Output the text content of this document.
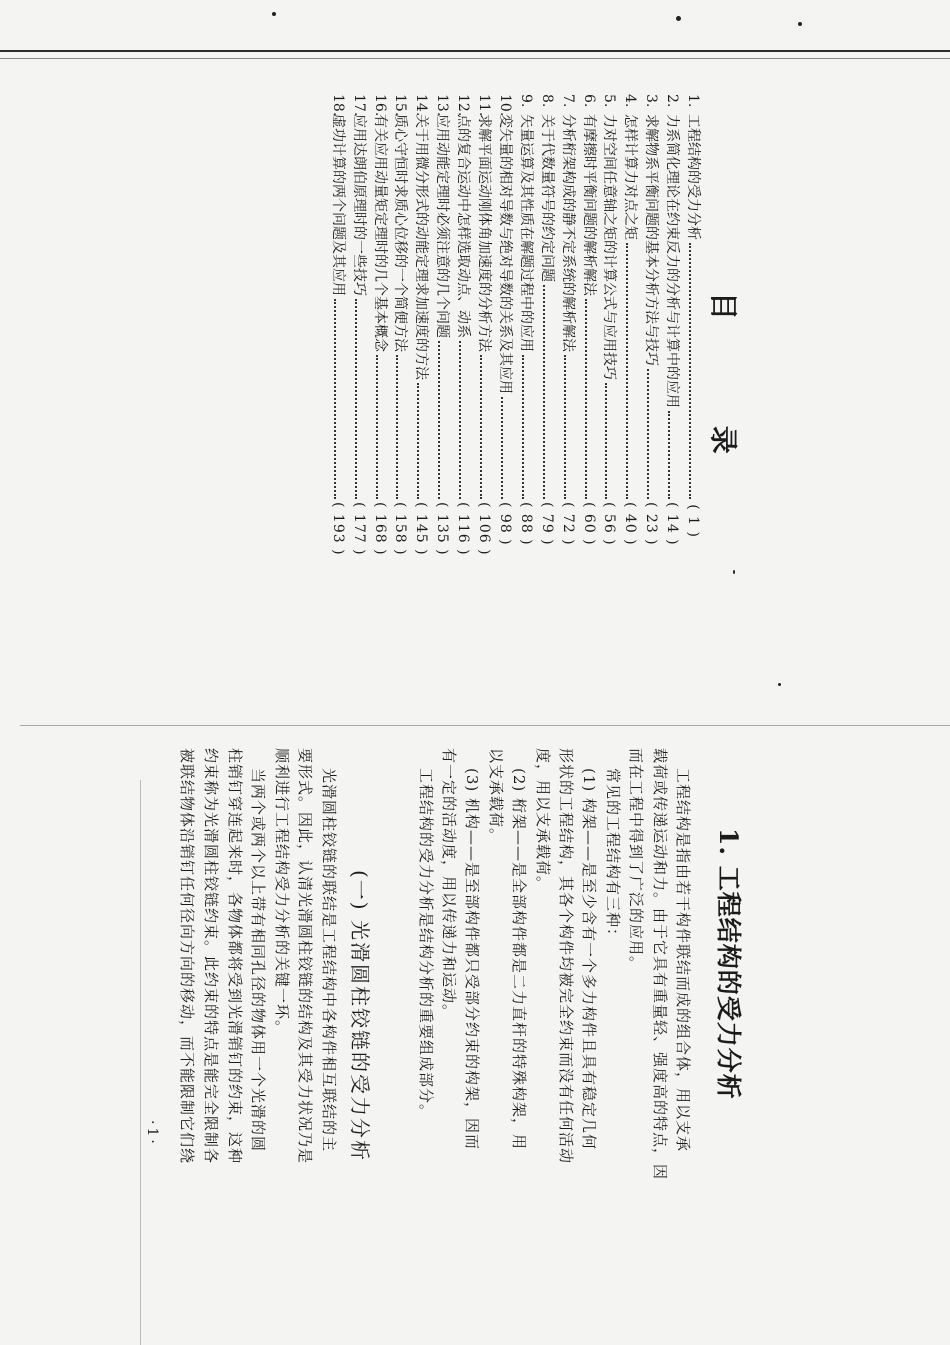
目 录
1.
工程结构的受力分析
( 1 )
2.
力系简化理论在约束反力的分析与计算中的应用
( 14 )
3.
求解物系平衡问题的基本分析方法与技巧
( 23 )
4.
怎样计算力对点之矩
( 40 )
5.
力对空间任意轴之矩的计算公式与应用技巧
( 56 )
6.
有摩擦时平衡问题的解析解法
( 60 )
7.
分析桁架构成的静不定系统的解析解法
( 72 )
8.
关于代数量符号的约定问题
( 79 )
9.
矢量运算及其性质在解题过程中的应用
( 88 )
10.
変矢量的相对导数与绝对导数的关系及其应用
( 98 )
11.
求解平面运动刚体角加速度的分析方法
( 106 )
12.
点的复合运动中怎样选取动点、动系
( 116 )
13.
应用动能定理时必须注意的几个问题
( 135 )
14.
关于用微分形式的动能定理求加速度的方法
( 145 )
15.
质心守恒时求质心位移的一个简便方法
( 158 )
16.
有关应用动量矩定理时的几个基本概念
( 168 )
17.
应用达朗伯原理时的一些技巧
( 177 )
18.
虚功计算的两个问题及其应用
( 193 )
1. 工程结构的受力分析
工程结构是指由若干构件联结而成的组合体，用以支承
载荷或传递运动和力。由于它具有重量轻、强度高的特点，因
而在工程中得到了广泛的应用。
常见的工程结构有三种：
(1) 构架——是至少含有一个多力构件且具有稳定几何
形状的工程结构，其各个构件均被完全约束而没有任何活动
度，用以支承载荷。
(2) 桁架——是全部构件都是二力直杆的特殊构架，用
以支承载荷。
(3) 机构——是至部构件都只受部分约束的构架，因而
有一定的活动度，用以传递力和运动。
工程结构的受力分析是结构分析的重要组成部分。
(一) 光滑圆柱铰链的受力分析
光滑圆柱铰链的联结是工程结构中各构件相互联结的主
要形式。因此，认清光滑圆柱铰链的结构及其受力状况乃是
顺利进行工程结构受力分析的关键一环。
当两个或两个以上带有相同孔径的物体用一个光滑的圆
柱销钉穿连起来时，各物体都将受到光滑销钉的约束，这种
约束称为光滑圆柱铰链约束。此约束的特点是能完全限制各
被联结物体沿销钉任何径向方向的移动，而不能限制它们绕
·1·
